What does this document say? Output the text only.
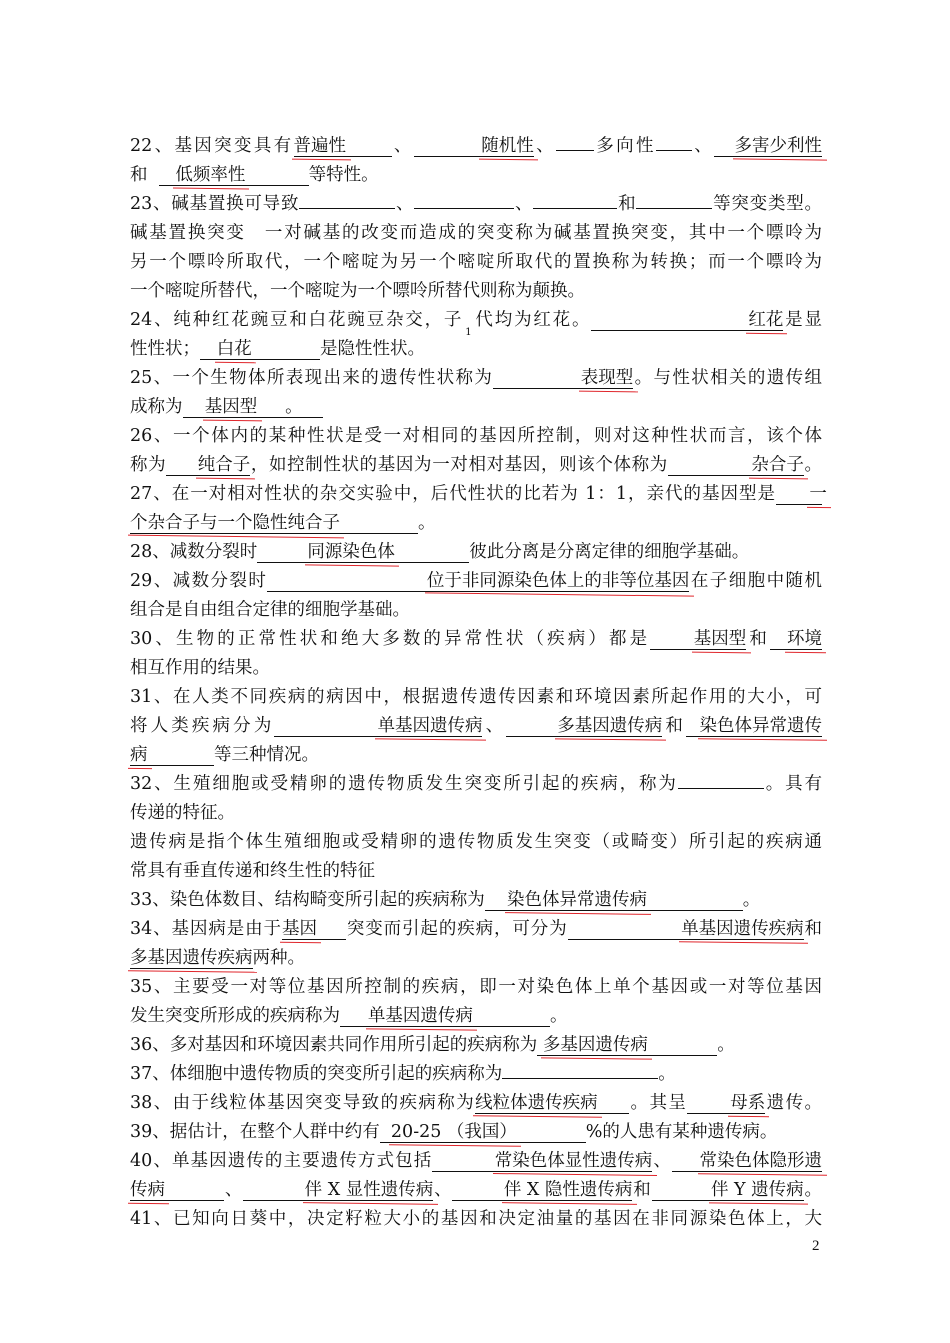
22、基因突变具有普遍性	、	随机性、 多向性 、 多害少利性
和 低频率性	等特性。
23、碱基置换可导致	、	、	和	等突变类型。
碱基置换突变　一对碱基的改变而造成的突变称为碱基置换突变，其中一个嘌呤为
另一个嘌呤所取代，一个嘧啶为另一个嘧啶所取代的置换称为转换；而一个嘌呤为
一个嘧啶所替代，一个嘧啶为一个嘌呤所替代则称为颠换。
24、纯种红花豌豆和白花豌豆杂交，子$_1$代均为红花。	红花是显
性性状； 白花	是隐性性状。
25、一个生物体所表现出来的遗传性状称为	表现型。与性状相关的遗传组
成称为 基因型 。
26、一个体内的某种性状是受一对相同的基因所控制，则对这种性状而言，该个体
称为 纯合子，如控制性状的基因为一对相对基因，则该个体称为	杂合子。
27、在一对相对性状的杂交实验中，后代性状的比若为 1：1，亲代的基因型是 一
个杂合子与一个隐性纯合子	。
28、减数分裂时	同源染色体	彼此分离是分离定律的细胞学基础。
29、减数分裂时	位于非同源染色体上的非等位基因在子细胞中随机
组合是自由组合定律的细胞学基础。
30、生物的正常性状和绝大多数的异常性状（疾病）都是 基因型和 环境
相互作用的结果。
31、在人类不同疾病的病因中，根据遗传遗传因素和环境因素所起作用的大小，可
将人类疾病分为	单基因遗传病、	多基因遗传病和 染色体异常遗传
病	等三种情况。
32、生殖细胞或受精卵的遗传物质发生突变所引起的疾病，称为	。具有
传递的特征。
遗传病是指个体生殖细胞或受精卵的遗传物质发生突变（或畸变）所引起的疾病通
常具有垂直传递和终生性的特征
33、染色体数目、结构畸变所引起的疾病称为 染色体异常遗传病	。
34、基因病是由于基因 突变而引起的疾病，可分为	单基因遗传疾病和
多基因遗传疾病两种。
35、主要受一对等位基因所控制的疾病，即一对染色体上单个基因或一对等位基因
发生突变所形成的疾病称为 单基因遗传病	。
36、多对基因和环境因素共同作用所引起的疾病称为 多基因遗传病	。
37、体细胞中遗传物质的突变所引起的疾病称为	。
38、由于线粒体基因突变导致的疾病称为线粒体遗传疾病 。其呈 母系遗传。
39、据估计，在整个人群中约有 20-25 （我国）	%的人患有某种遗传病。
40、单基因遗传的主要遗传方式包括	常染色体显性遗传病、 常染色体隐形遗
传病	、	伴 X 显性遗传病、	伴 X 隐性遗传病和	伴 Y 遗传病。
41、已知向日葵中，决定籽粒大小的基因和决定油量的基因在非同源染色体上，大
2
